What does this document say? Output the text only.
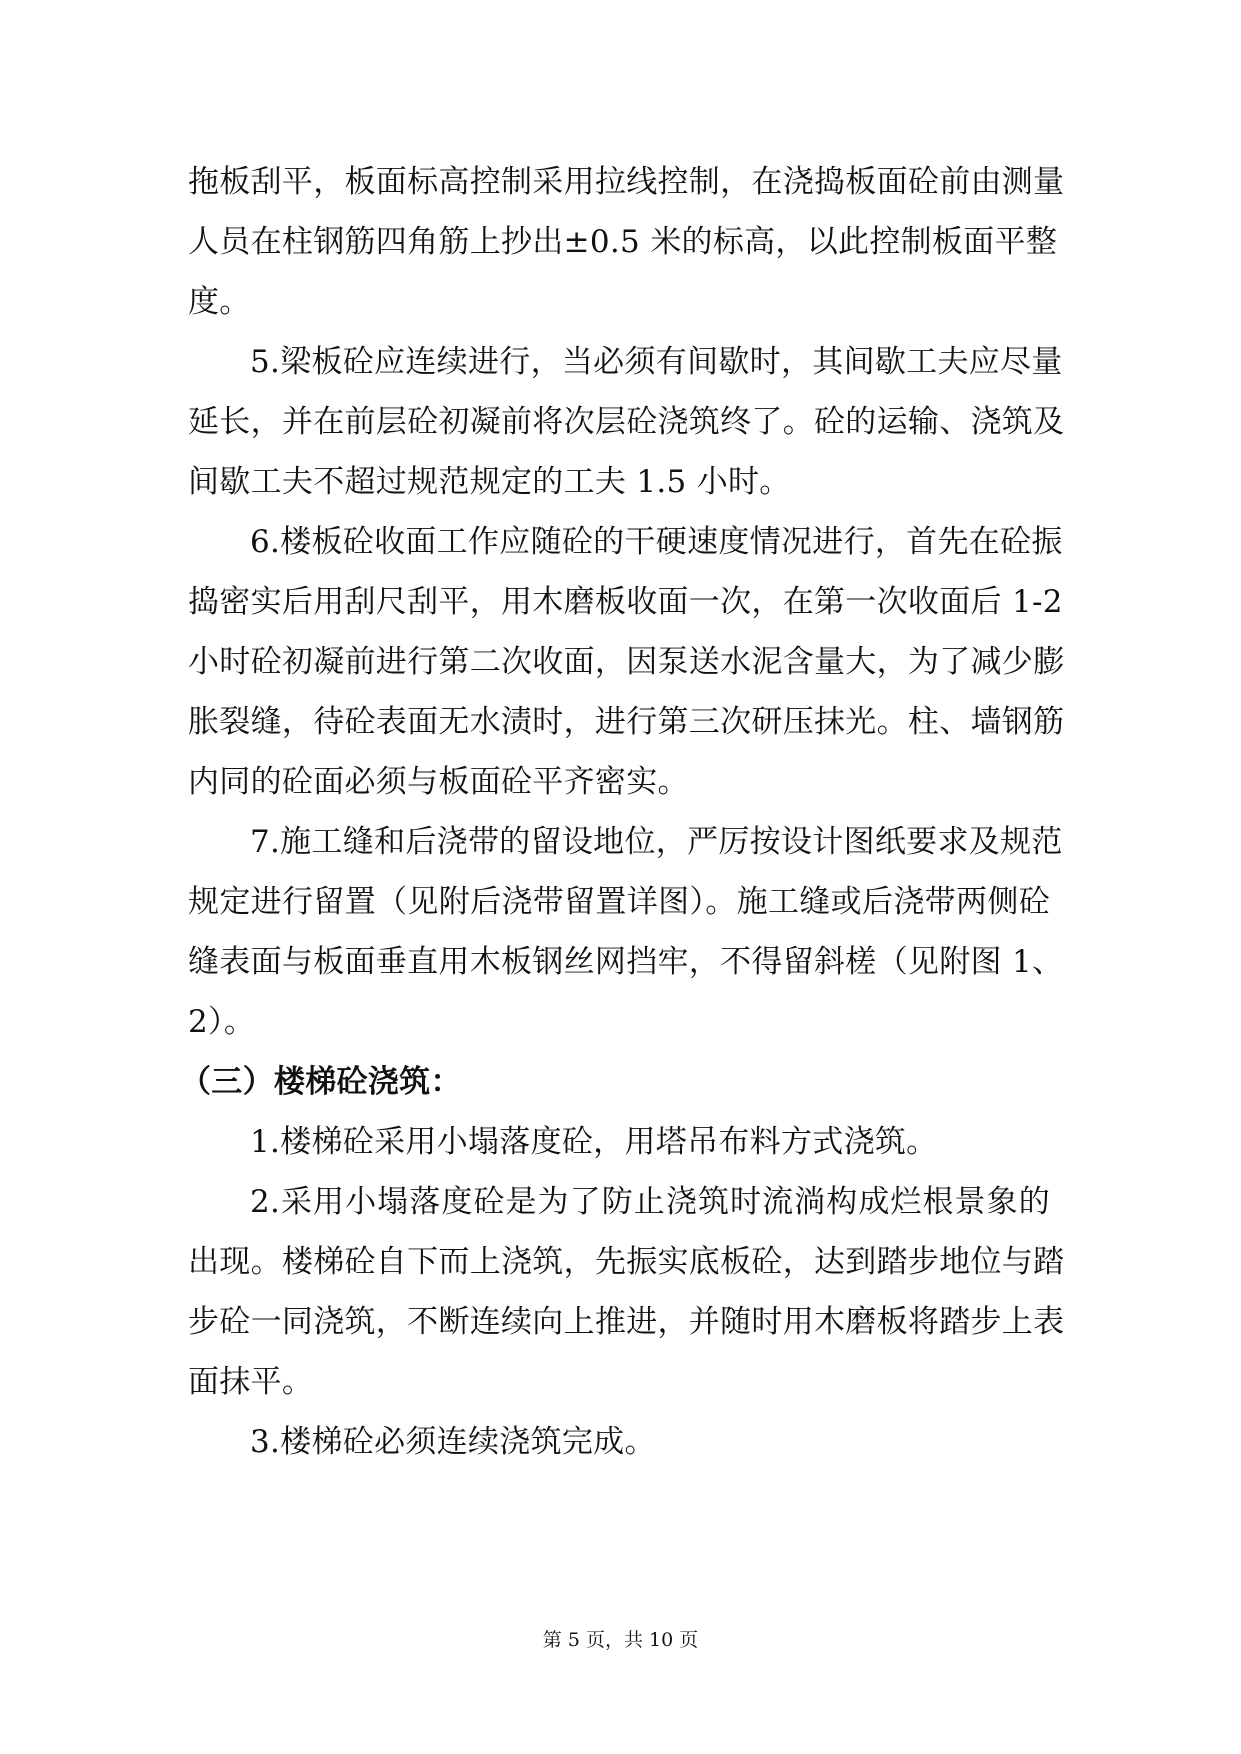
拖板刮平，板面标高控制采用拉线控制，在浇捣板面砼前由测量
人员在柱钢筋四角筋上抄出±0.5 米的标高，以此控制板面平整
度。
5.梁板砼应连续进行，当必须有间歇时，其间歇工夫应尽量
延长，并在前层砼初凝前将次层砼浇筑终了。砼的运输、浇筑及
间歇工夫不超过规范规定的工夫 1.5 小时。
6.楼板砼收面工作应随砼的干硬速度情况进行，首先在砼振
捣密实后用刮尺刮平，用木磨板收面一次，在第一次收面后 1-2
小时砼初凝前进行第二次收面，因泵送水泥含量大，为了减少膨
胀裂缝，待砼表面无水渍时，进行第三次研压抹光。柱、墙钢筋
内同的砼面必须与板面砼平齐密实。
7.施工缝和后浇带的留设地位，严厉按设计图纸要求及规范
规定进行留置（见附后浇带留置详图）。施工缝或后浇带两侧砼
缝表面与板面垂直用木板钢丝网挡牢，不得留斜槎（见附图 1、
2）。
（三）楼梯砼浇筑：
1.楼梯砼采用小塌落度砼，用塔吊布料方式浇筑。
2.采用小塌落度砼是为了防止浇筑时流淌构成烂根景象的
出现。楼梯砼自下而上浇筑，先振实底板砼，达到踏步地位与踏
步砼一同浇筑，不断连续向上推进，并随时用木磨板将踏步上表
面抹平。
3.楼梯砼必须连续浇筑完成。
第 5 页，共 10 页
